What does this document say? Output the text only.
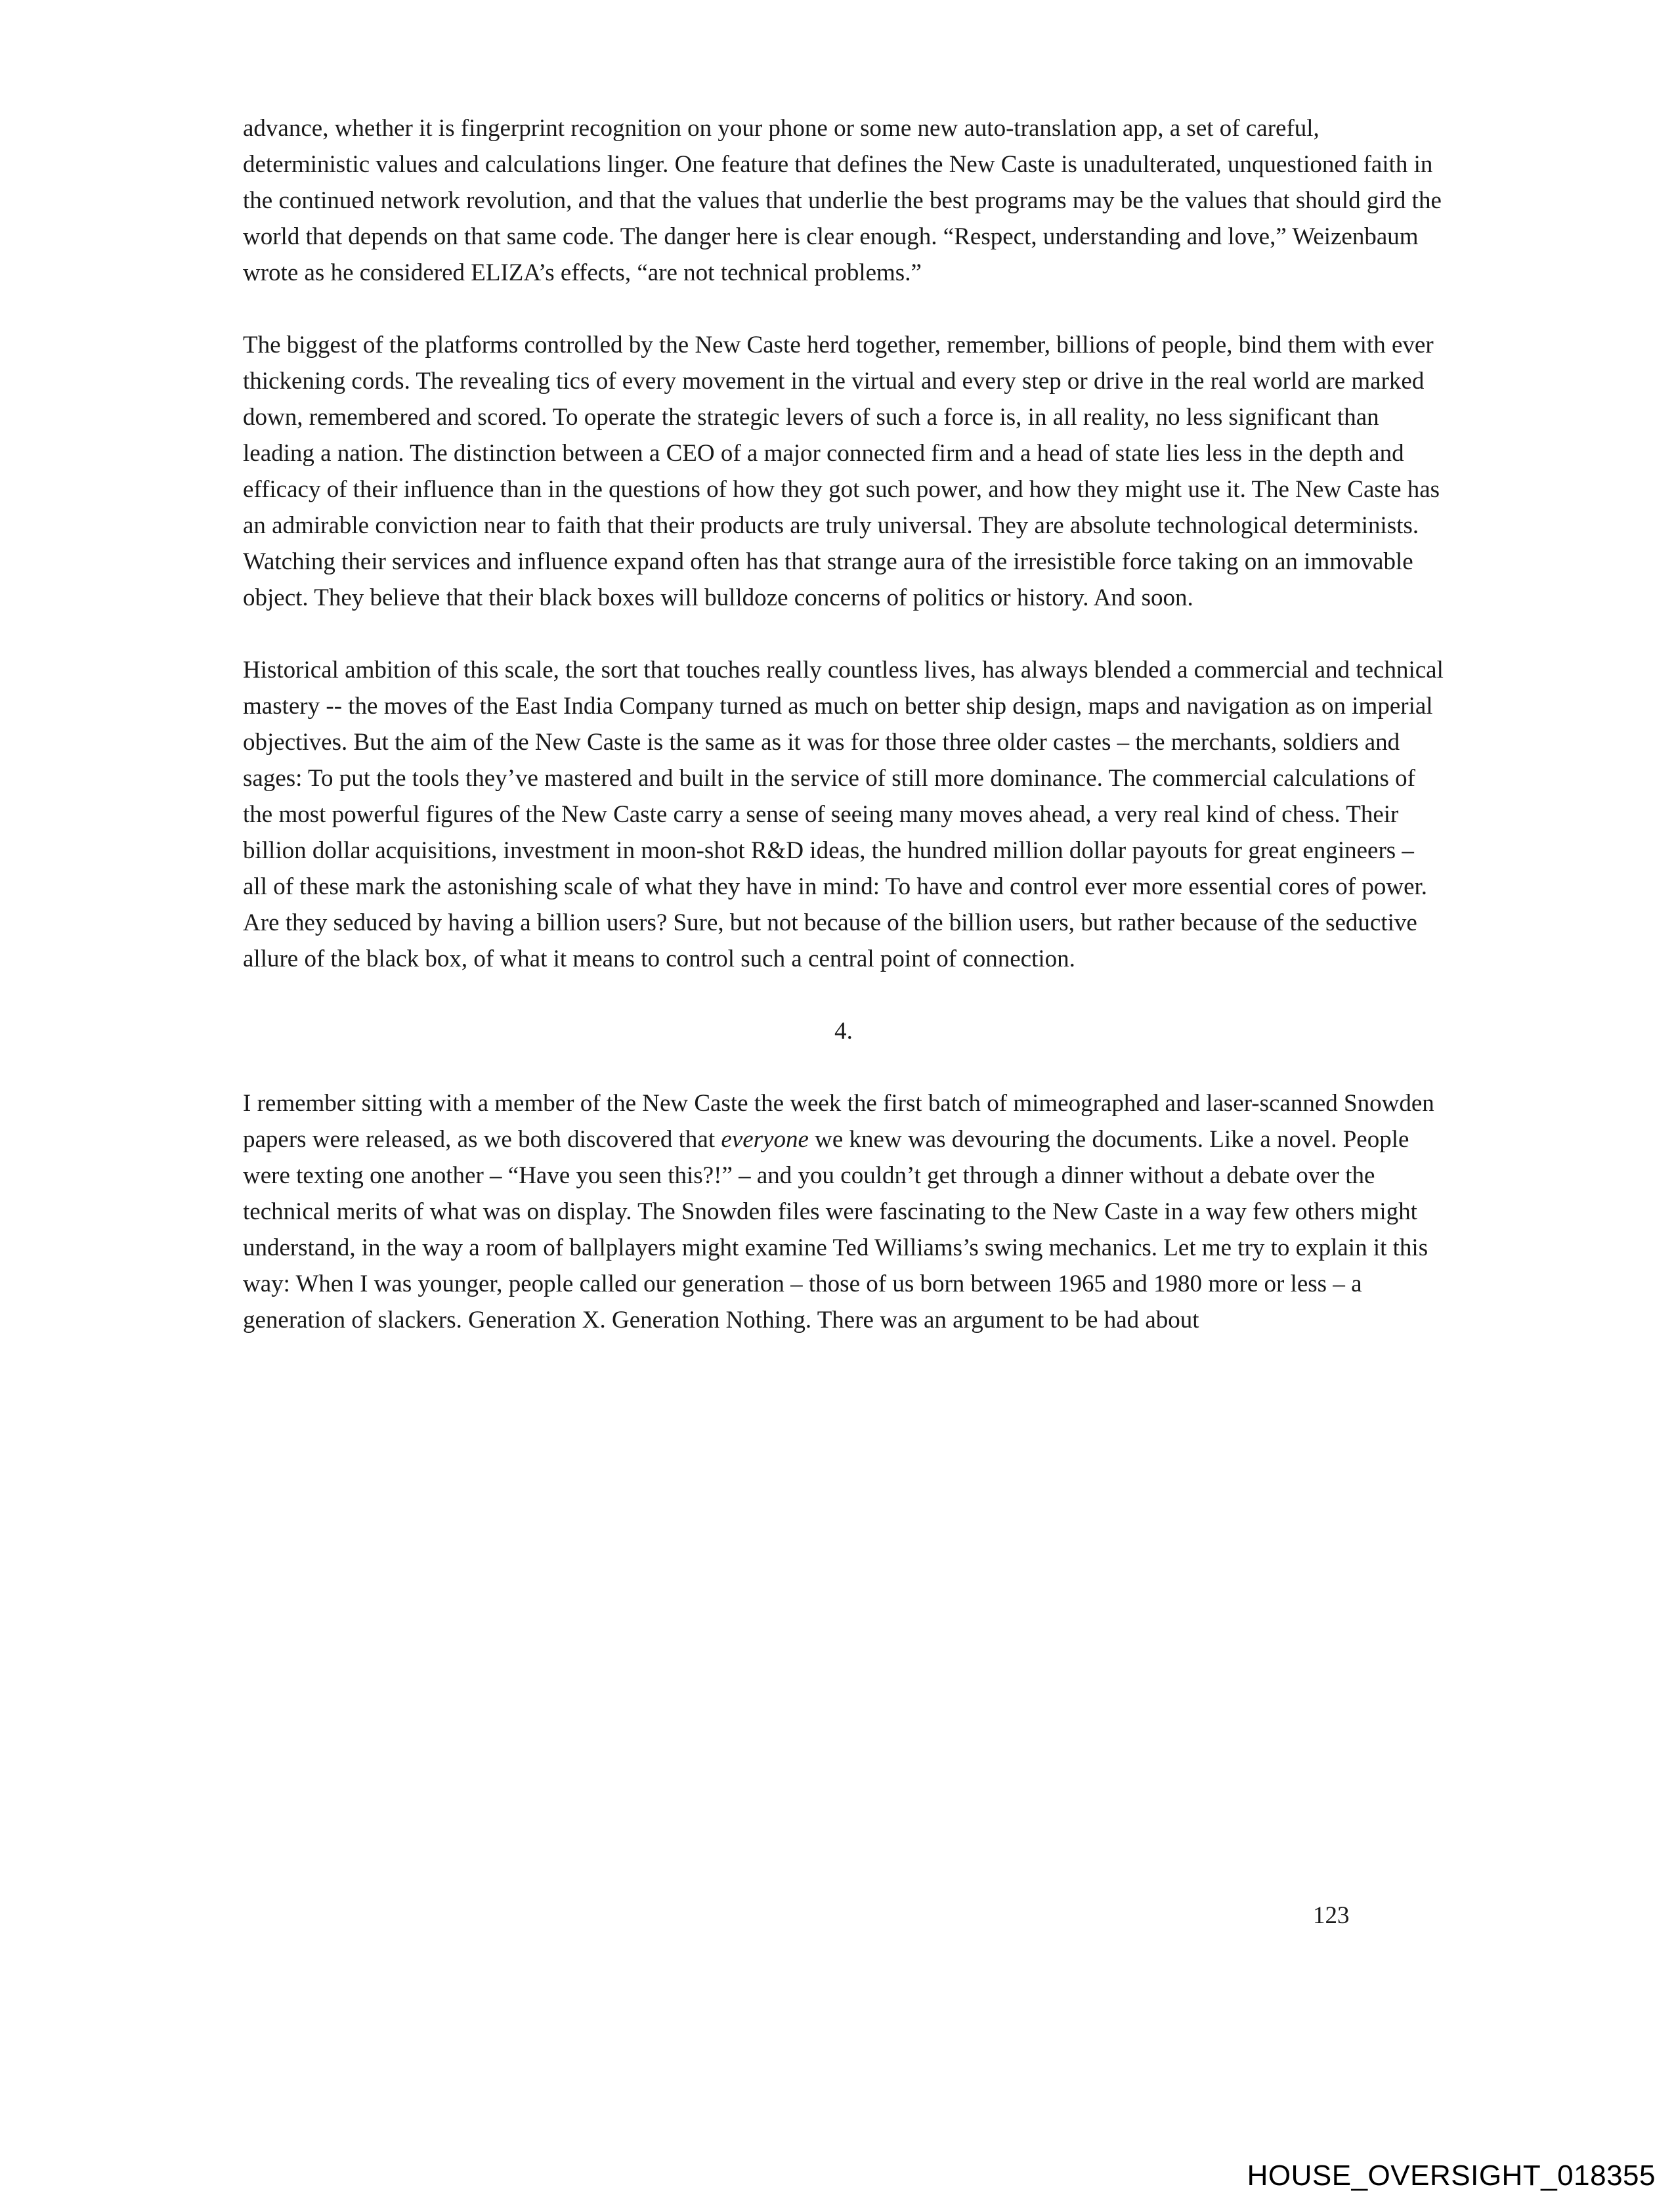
advance, whether it is fingerprint recognition on your phone or some new auto-translation app, a set of careful, deterministic values and calculations linger. One feature that defines the New Caste is unadulterated, unquestioned faith in the continued network revolution, and that the values that underlie the best programs may be the values that should gird the world that depends on that same code. The danger here is clear enough. “Respect, understanding and love,” Weizenbaum wrote as he considered ELIZA’s effects, “are not technical problems.”

The biggest of the platforms controlled by the New Caste herd together, remember, billions of people, bind them with ever thickening cords. The revealing tics of every movement in the virtual and every step or drive in the real world are marked down, remembered and scored. To operate the strategic levers of such a force is, in all reality, no less significant than leading a nation. The distinction between a CEO of a major connected firm and a head of state lies less in the depth and efficacy of their influence than in the questions of how they got such power, and how they might use it. The New Caste has an admirable conviction near to faith that their products are truly universal. They are absolute technological determinists. Watching their services and influence expand often has that strange aura of the irresistible force taking on an immovable object. They believe that their black boxes will bulldoze concerns of politics or history. And soon.

Historical ambition of this scale, the sort that touches really countless lives, has always blended a commercial and technical mastery -- the moves of the East India Company turned as much on better ship design, maps and navigation as on imperial objectives. But the aim of the New Caste is the same as it was for those three older castes – the merchants, soldiers and sages: To put the tools they’ve mastered and built in the service of still more dominance. The commercial calculations of the most powerful figures of the New Caste carry a sense of seeing many moves ahead, a very real kind of chess. Their billion dollar acquisitions, investment in moon-shot R&D ideas, the hundred million dollar payouts for great engineers – all of these mark the astonishing scale of what they have in mind: To have and control ever more essential cores of power. Are they seduced by having a billion users? Sure, but not because of the billion users, but rather because of the seductive allure of the black box, of what it means to control such a central point of connection.

4.

I remember sitting with a member of the New Caste the week the first batch of mimeographed and laser-scanned Snowden papers were released, as we both discovered that everyone we knew was devouring the documents. Like a novel. People were texting one another – “Have you seen this?!” – and you couldn’t get through a dinner without a debate over the technical merits of what was on display. The Snowden files were fascinating to the New Caste in a way few others might understand, in the way a room of ballplayers might examine Ted Williams’s swing mechanics. Let me try to explain it this way: When I was younger, people called our generation – those of us born between 1965 and 1980 more or less – a generation of slackers. Generation X. Generation Nothing. There was an argument to be had about

123
HOUSE_OVERSIGHT_018355
